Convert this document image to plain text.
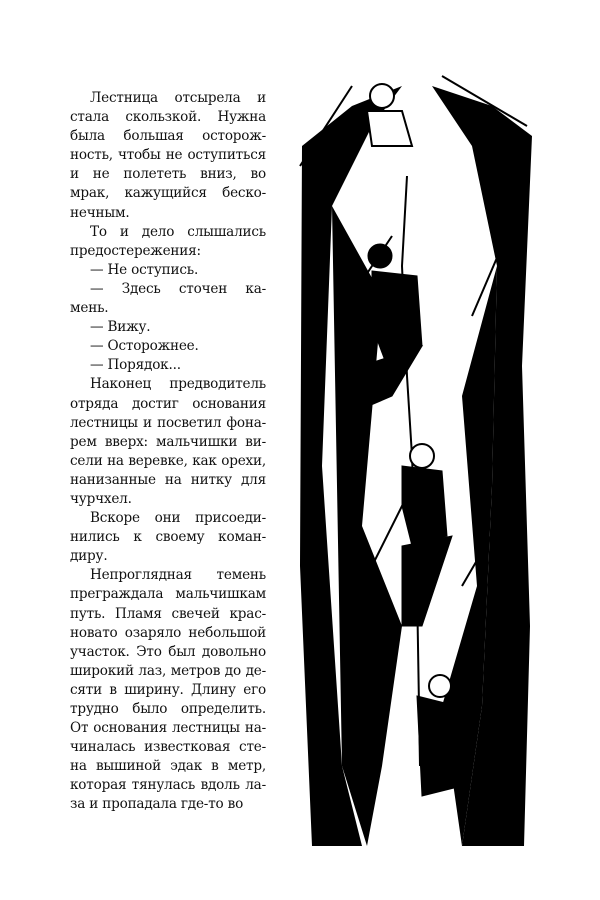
Лестница отсырела и
стала скользкой. Нужна
была большая осторож-
ность, чтобы не оступиться
и не полететь вниз, во
мрак, кажущийся беско-
нечным.
То и дело слышались
предостережения:
— Не оступись.
— Здесь сточен ка-
мень.
— Вижу.
— Осторожнее.
— Порядок...
Наконец предводитель
отряда достиг основания
лестницы и посветил фона-
рем вверх: мальчишки ви-
сели на веревке, как орехи,
нанизанные на нитку для
чурчхел.
Вскоре они присоеди-
нились к своему коман-
диру.
Непроглядная темень
преграждала мальчишкам
путь. Пламя свечей крас-
новато озаряло небольшой
участок. Это был довольно
широкий лаз, метров до де-
сяти в ширину. Длину его
трудно было определить.
От основания лестницы на-
чиналась известковая сте-
на вышиной эдак в метр,
которая тянулась вдоль ла-
за и пропадала где-то во
